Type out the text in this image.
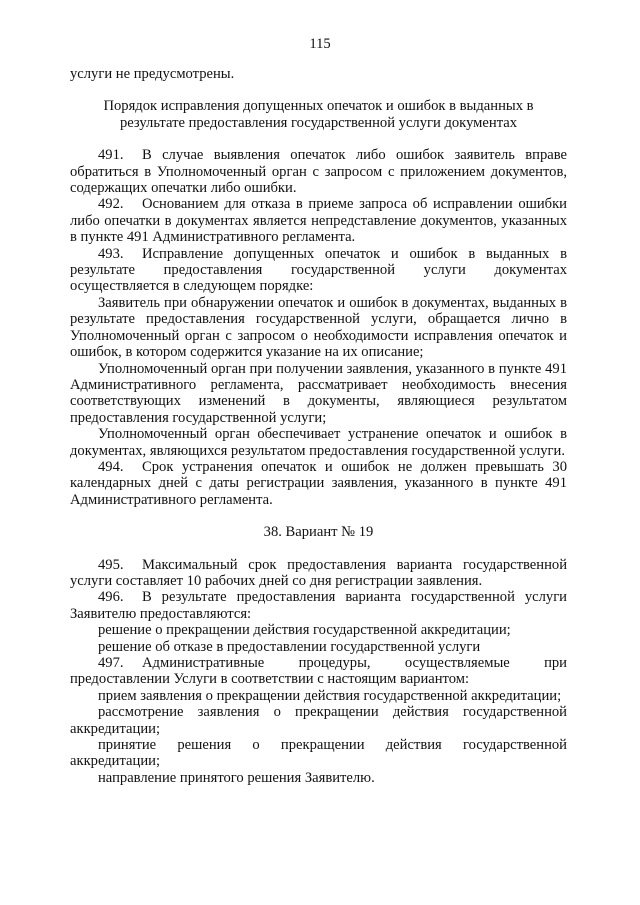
115

услуги не предусмотрены.

Порядок исправления допущенных опечаток и ошибок в выданных в
результате предоставления государственной услуги документах

491. В случае выявления опечаток либо ошибок заявитель вправе обратиться в Уполномоченный орган с запросом с приложением документов, содержащих опечатки либо ошибки.

492. Основанием для отказа в приеме запроса об исправлении ошибки либо опечатки в документах является непредставление документов, указанных в пункте 491 Административного регламента.

493. Исправление допущенных опечаток и ошибок в выданных в результате предоставления государственной услуги документах осуществляется в следующем порядке:

Заявитель при обнаружении опечаток и ошибок в документах, выданных в результате предоставления государственной услуги, обращается лично в Уполномоченный орган с запросом о необходимости исправления опечаток и ошибок, в котором содержится указание на их описание;

Уполномоченный орган при получении заявления, указанного в пункте 491 Административного регламента, рассматривает необходимость внесения соответствующих изменений в документы, являющиеся результатом предоставления государственной услуги;

Уполномоченный орган обеспечивает устранение опечаток и ошибок в документах, являющихся результатом предоставления государственной услуги.

494. Срок устранения опечаток и ошибок не должен превышать 30 календарных дней с даты регистрации заявления, указанного в пункте 491 Административного регламента.

38. Вариант № 19

495. Максимальный срок предоставления варианта государственной услуги составляет 10 рабочих дней со дня регистрации заявления.

496. В результате предоставления варианта государственной услуги Заявителю предоставляются:

решение о прекращении действия государственной аккредитации;

решение об отказе в предоставлении государственной услуги

497. Административные процедуры, осуществляемые при предоставлении Услуги в соответствии с настоящим вариантом:

прием заявления о прекращении действия государственной аккредитации;

рассмотрение заявления о прекращении действия государственной аккредитации;

принятие решения о прекращении действия государственной аккредитации;

направление принятого решения Заявителю.
